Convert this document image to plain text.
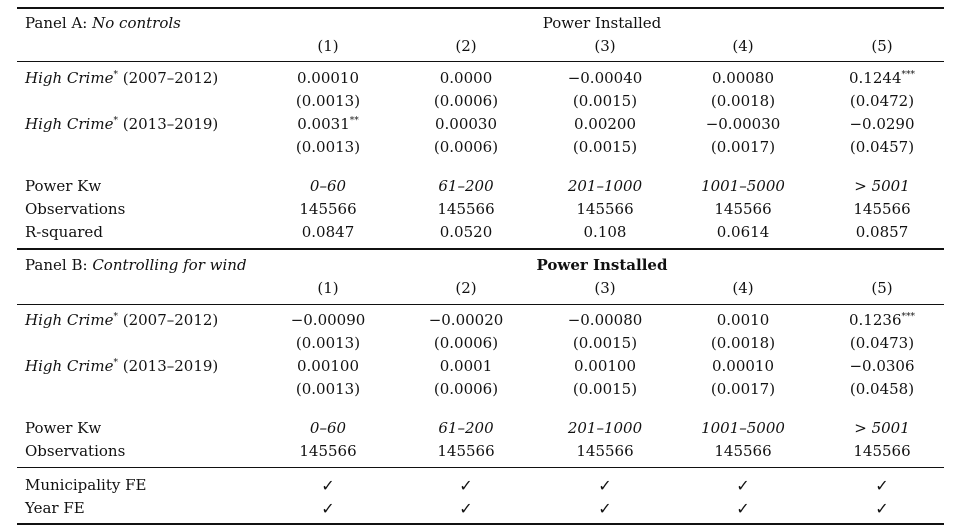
Panel A: No controls	Power Installed
(1)	(2)	(3)	(4)	(5)
High Crime* (2007–2012)	0.00010	0.0000	−0.00040	0.00080	0.1244***
(0.0013)	(0.0006)	(0.0015)	(0.0018)	(0.0472)
High Crime* (2013–2019)	0.0031**	0.00030	0.00200	−0.00030	−0.0290
(0.0013)	(0.0006)	(0.0015)	(0.0017)	(0.0457)
Power Kw	0–60	61–200	201–1000	1001–5000	> 5001
Observations	145566	145566	145566	145566	145566
R-squared	0.0847	0.0520	0.108	0.0614	0.0857
Panel B: Controlling for wind	Power Installed
(1)	(2)	(3)	(4)	(5)
High Crime* (2007–2012)	−0.00090	−0.00020	−0.00080	0.0010	0.1236***
(0.0013)	(0.0006)	(0.0015)	(0.0018)	(0.0473)
High Crime* (2013–2019)	0.00100	0.0001	0.00100	0.00010	−0.0306
(0.0013)	(0.0006)	(0.0015)	(0.0017)	(0.0458)
Power Kw	0–60	61–200	201–1000	1001–5000	> 5001
Observations	145566	145566	145566	145566	145566
Municipality FE	✓	✓	✓	✓	✓
Year FE	✓	✓	✓	✓	✓
